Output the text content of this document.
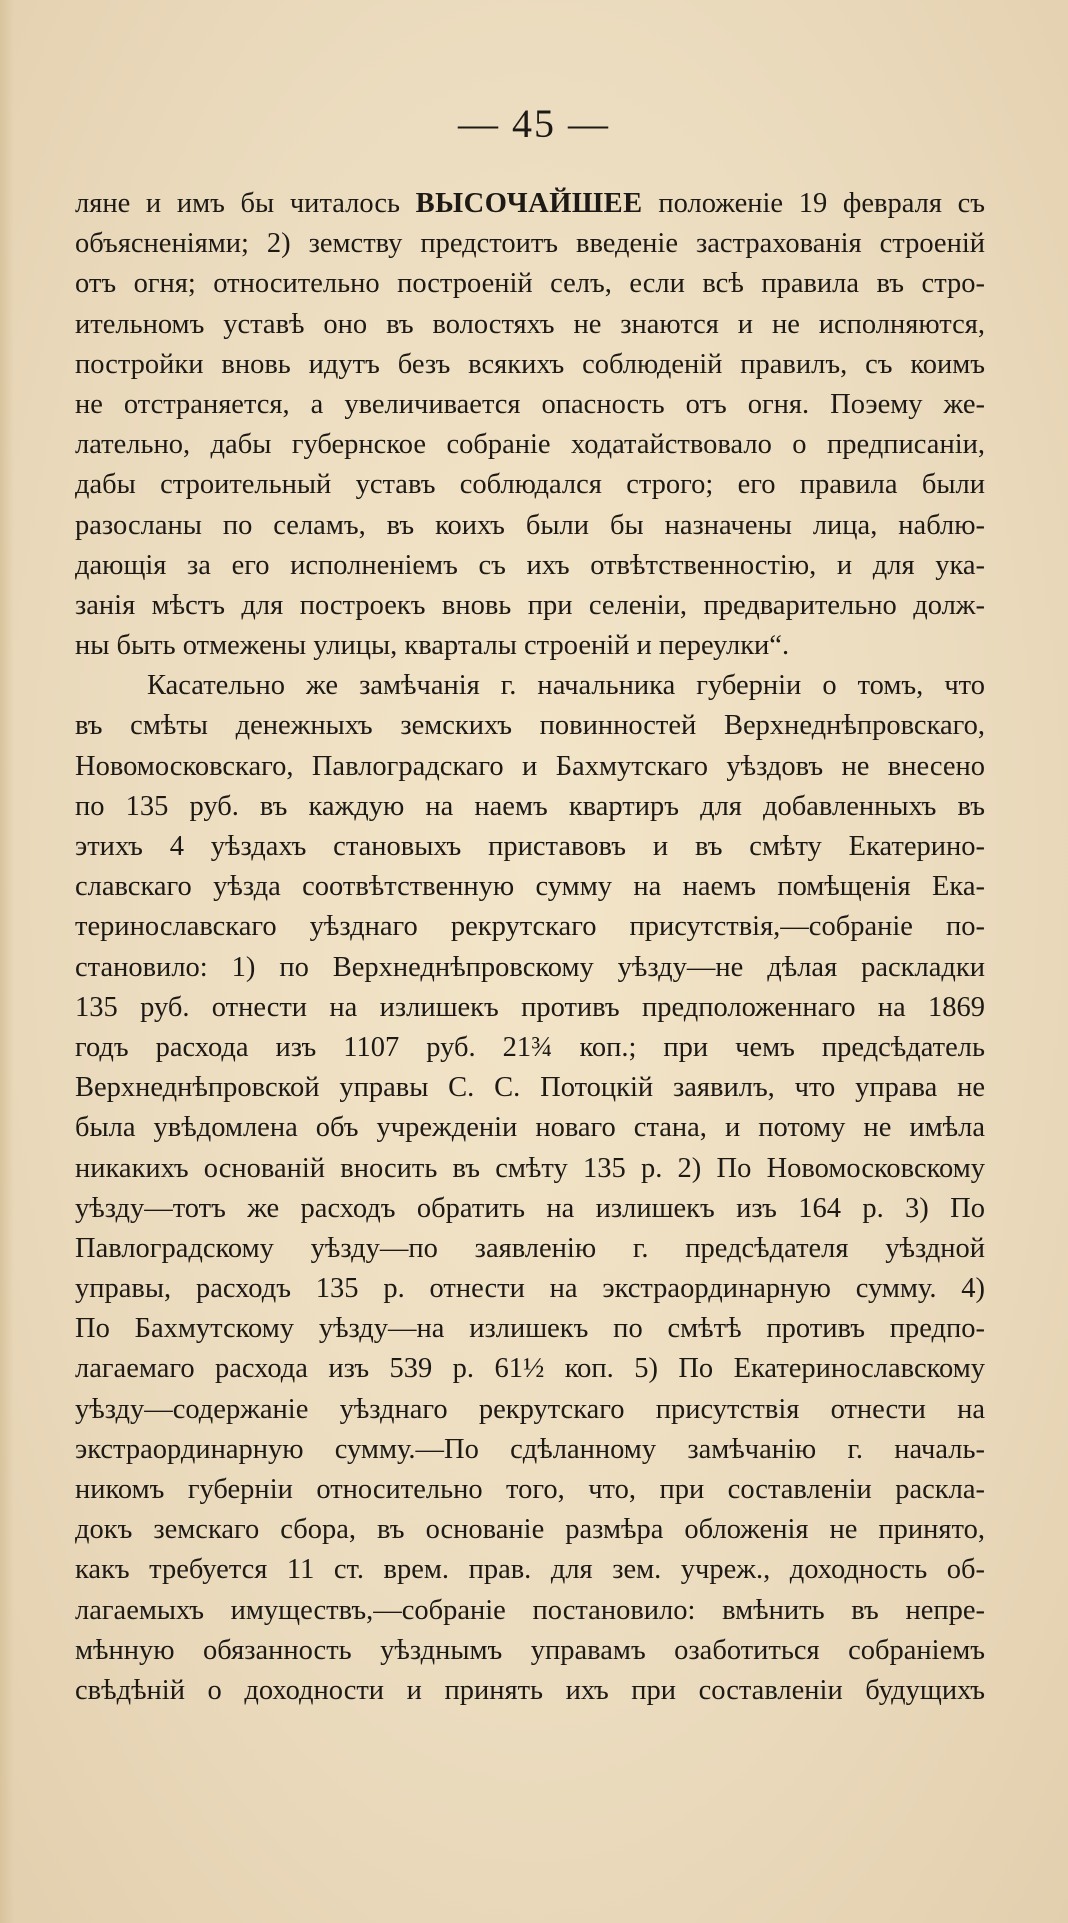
— 45 —
ляне и имъ бы читалось ВЫСОЧАЙШЕЕ положенiе 19 февраля съ
объясненiями; 2) земству предстоитъ введенiе застрахованiя строенiй
отъ огня; относительно построенiй селъ, если всѣ правила въ стро-
ительномъ уставѣ оно въ волостяхъ не знаются и не исполняются,
постройки вновь идутъ безъ всякихъ соблюденiй правилъ, съ коимъ
не отстраняется, а увеличивается опасность отъ огня. Поэему же-
лательно, дабы губернское собранiе ходатайствовало о предписанiи,
дабы строительный уставъ соблюдался строго; его правила были
разосланы по селамъ, въ коихъ были бы назначены лица, наблю-
дающiя за его исполненiемъ съ ихъ отвѣтственностiю, и для ука-
занiя мѣстъ для построекъ вновь при селенiи, предварительно долж-
ны быть отмежены улицы, кварталы строенiй и переулки“.
Касательно же замѣчанiя г. начальника губернiи о томъ, что
въ смѣты денежныхъ земскихъ повинностей Верхнеднѣпровскаго,
Новомосковскаго, Павлоградскаго и Бахмутскаго уѣздовъ не внесено
по 135 руб. въ каждую на наемъ квартиръ для добавленныхъ въ
этихъ 4 уѣздахъ становыхъ приставовъ и въ смѣту Екатерино-
славскаго уѣзда соотвѣтственную сумму на наемъ помѣщенiя Ека-
теринославскаго уѣзднаго рекрутскаго присутствiя,—собранiе по-
становило: 1) по Верхнеднѣпровскому уѣзду—не дѣлая раскладки
135 руб. отнести на излишекъ противъ предположеннаго на 1869
годъ расхода изъ 1107 руб. 21¾ коп.; при чемъ предсѣдатель
Верхнеднѣпровской управы С. С. Потоцкiй заявилъ, что управа не
была увѣдомлена объ учрежденiи новаго стана, и потому не имѣла
никакихъ основанiй вносить въ смѣту 135 р. 2) По Новомосковскому
уѣзду—тотъ же расходъ обратить на излишекъ изъ 164 р. 3) По
Павлоградскому уѣзду—по заявленiю г. предсѣдателя уѣздной
управы, расходъ 135 р. отнести на экстраординарную сумму. 4)
По Бахмутскому уѣзду—на излишекъ по смѣтѣ противъ предпо-
лагаемаго расхода изъ 539 р. 61½ коп. 5) По Екатеринославскому
уѣзду—содержанiе уѣзднаго рекрутскаго присутствiя отнести на
экстраординарную сумму.—По сдѣланному замѣчанiю г. началь-
никомъ губернiи относительно того, что, при составленiи раскла-
докъ земскаго сбора, въ основанiе размѣра обложенiя не принято,
какъ требуется 11 ст. врем. прав. для зем. учреж., доходность об-
лагаемыхъ имуществъ,—собранiе постановило: вмѣнить въ непре-
мѣнную обязанность уѣзднымъ управамъ озаботиться собранiемъ
свѣдѣнiй о доходности и принять ихъ при составленiи будущихъ
